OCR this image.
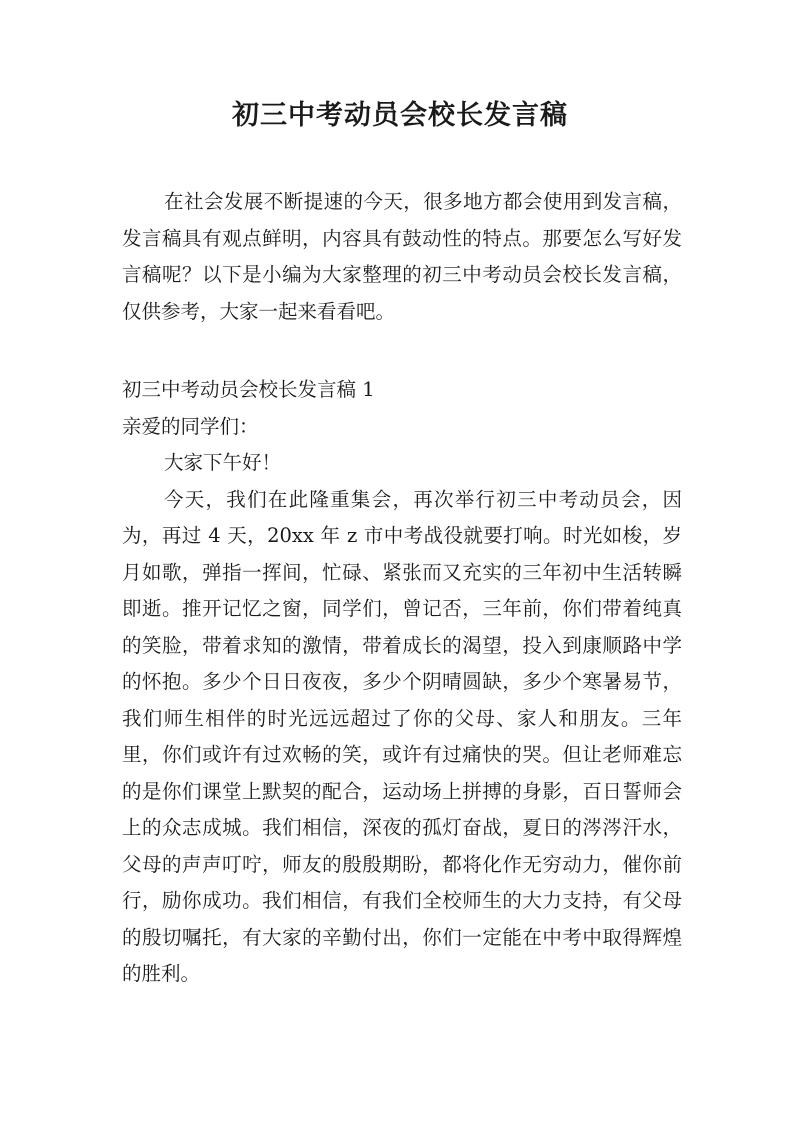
初三中考动员会校长发言稿

在社会发展不断提速的今天，很多地方都会使用到发言稿，发言稿具有观点鲜明，内容具有鼓动性的特点。那要怎么写好发言稿呢？以下是小编为大家整理的初三中考动员会校长发言稿，仅供参考，大家一起来看看吧。

初三中考动员会校长发言稿 1

亲爱的同学们：

大家下午好！

今天，我们在此隆重集会，再次举行初三中考动员会，因为，再过 4 天，20xx 年 z 市中考战役就要打响。时光如梭，岁月如歌，弹指一挥间，忙碌、紧张而又充实的三年初中生活转瞬即逝。推开记忆之窗，同学们，曾记否，三年前，你们带着纯真的笑脸，带着求知的激情，带着成长的渴望，投入到康顺路中学的怀抱。多少个日日夜夜，多少个阴晴圆缺，多少个寒暑易节，我们师生相伴的时光远远超过了你的父母、家人和朋友。三年里，你们或许有过欢畅的笑，或许有过痛快的哭。但让老师难忘的是你们课堂上默契的配合，运动场上拼搏的身影，百日誓师会上的众志成城。我们相信，深夜的孤灯奋战，夏日的涔涔汗水，父母的声声叮咛，师友的殷殷期盼，都将化作无穷动力，催你前行，励你成功。我们相信，有我们全校师生的大力支持，有父母的殷切嘱托，有大家的辛勤付出，你们一定能在中考中取得辉煌的胜利。
